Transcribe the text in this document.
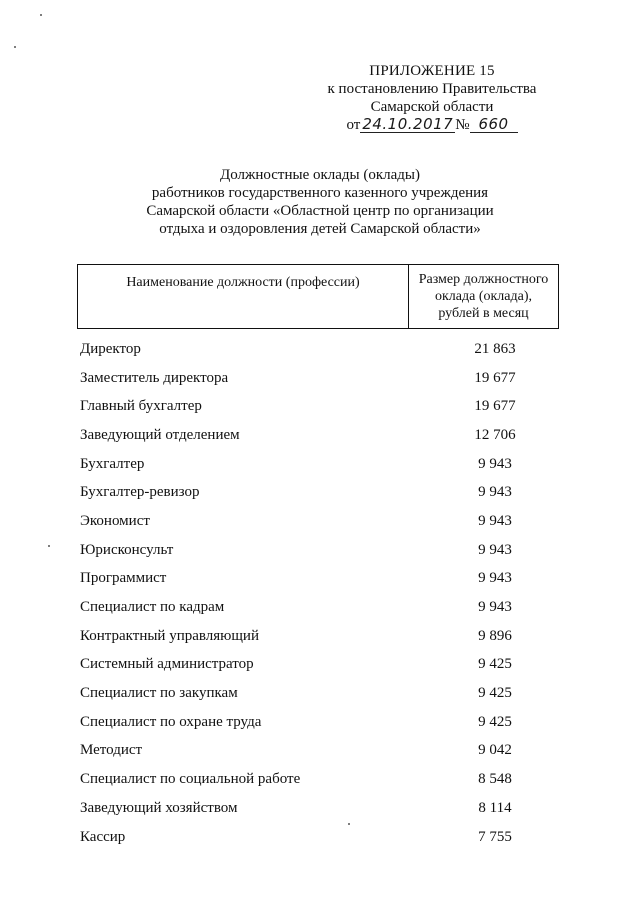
ПРИЛОЖЕНИЕ 15
к постановлению Правительства
Самарской области
от 24.10.2017 № 660
Должностные оклады (оклады)
работников государственного казенного учреждения
Самарской области «Областной центр по организации
отдыха и оздоровления детей Самарской области»
Наименование должности (профессии)	Размер должностного
оклада (оклада),
рублей в месяц
Директор	21 863
Заместитель директора	19 677
Главный бухгалтер	19 677
Заведующий отделением	12 706
Бухгалтер	9 943
Бухгалтер-ревизор	9 943
Экономист	9 943
Юрисконсульт	9 943
Программист	9 943
Специалист по кадрам	9 943
Контрактный управляющий	9 896
Системный администратор	9 425
Специалист по закупкам	9 425
Специалист по охране труда	9 425
Методист	9 042
Специалист по социальной работе	8 548
Заведующий хозяйством	8 114
Кассир	7 755
